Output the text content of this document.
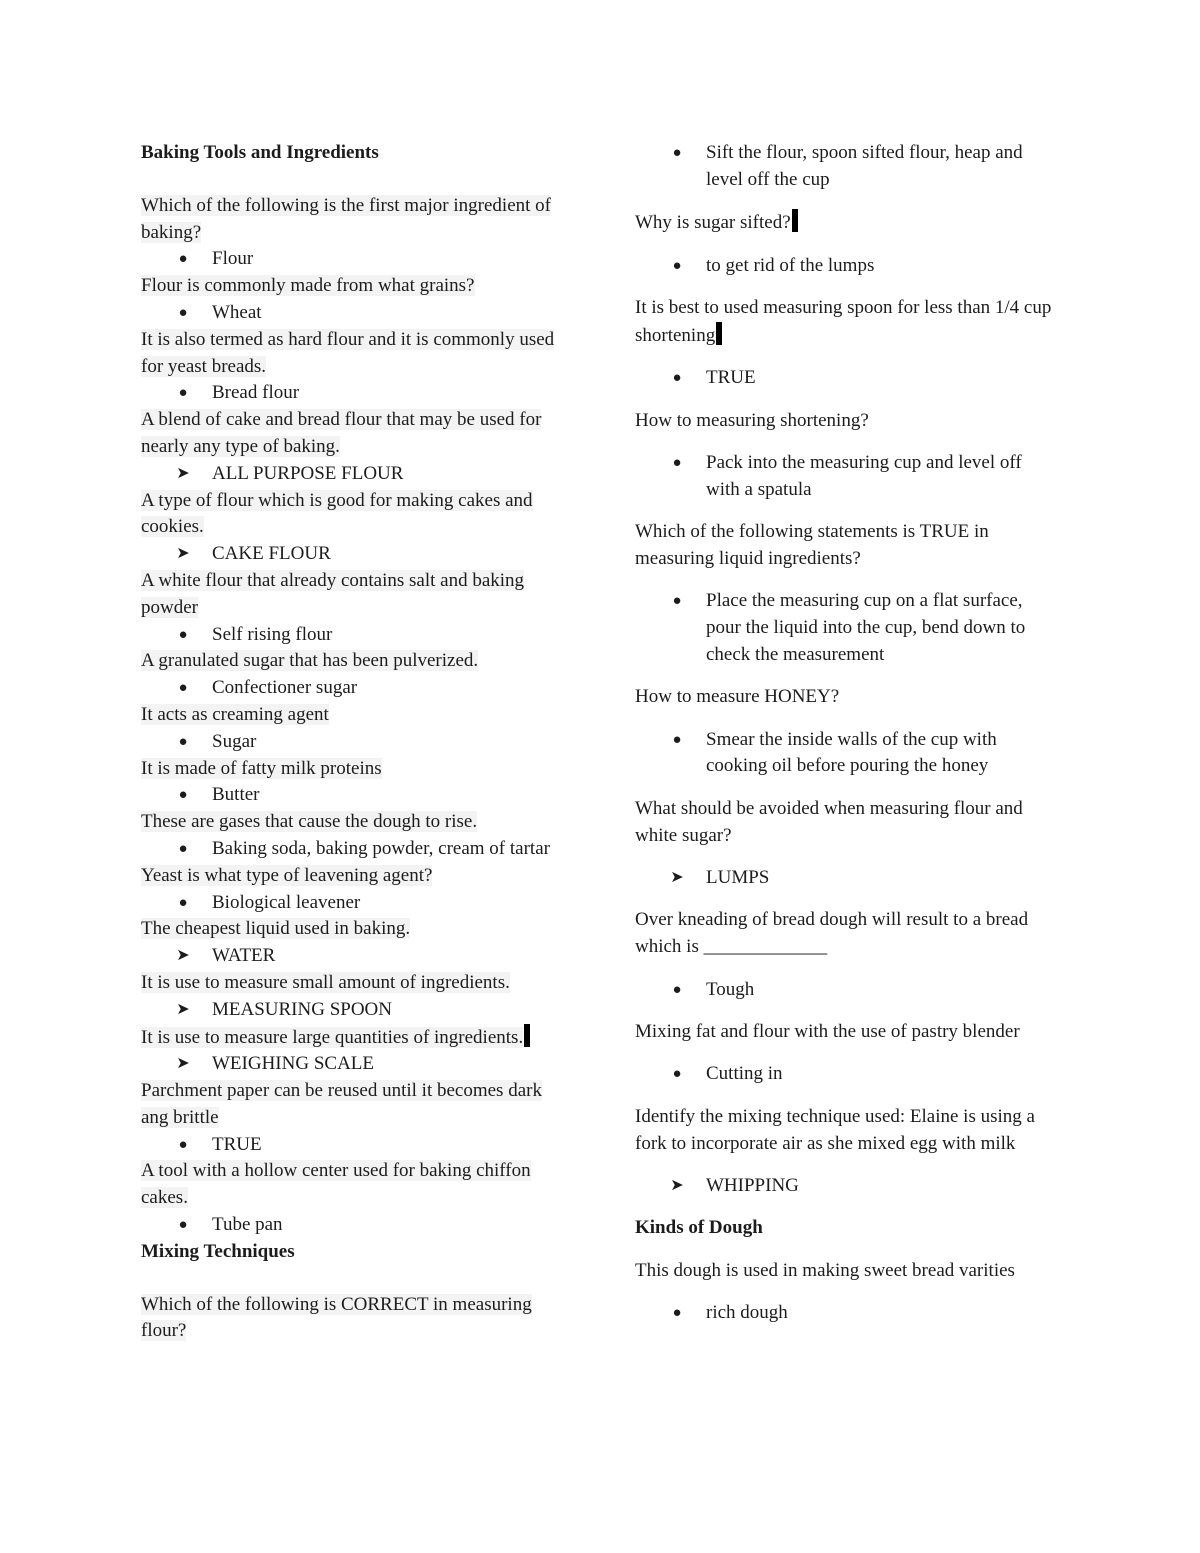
Baking Tools and Ingredients
Which of the following is the first major ingredient of baking?
● Flour
Flour is commonly made from what grains?
● Wheat
It is also termed as hard flour and it is commonly used for yeast breads.
● Bread flour
A blend of cake and bread flour that may be used for nearly any type of baking.
➤ ALL PURPOSE FLOUR
A type of flour which is good for making cakes and cookies.
➤ CAKE FLOUR
A white flour that already contains salt and baking powder
● Self rising flour
A granulated sugar that has been pulverized.
● Confectioner sugar
It acts as creaming agent
● Sugar
It is made of fatty milk proteins
● Butter
These are gases that cause the dough to rise.
● Baking soda, baking powder, cream of tartar
Yeast is what type of leavening agent?
● Biological leavener
The cheapest liquid used in baking.
➤ WATER
It is use to measure small amount of ingredients.
➤ MEASURING SPOON
It is use to measure large quantities of ingredients.
➤ WEIGHING SCALE
Parchment paper can be reused until it becomes dark ang brittle
● TRUE
A tool with a hollow center used for baking chiffon cakes.
● Tube pan
Mixing Techniques
Which of the following is CORRECT in measuring flour?
● Sift the flour, spoon sifted flour, heap and level off the cup
Why is sugar sifted?
● to get rid of the lumps
It is best to used measuring spoon for less than 1/4 cup shortening
● TRUE
How to measuring shortening?
● Pack into the measuring cup and level off with a spatula
Which of the following statements is TRUE in measuring liquid ingredients?
● Place the measuring cup on a flat surface, pour the liquid into the cup, bend down to check the measurement
How to measure HONEY?
● Smear the inside walls of the cup with cooking oil before pouring the honey
What should be avoided when measuring flour and white sugar?
➤ LUMPS
Over kneading of bread dough will result to a bread which is _____________
● Tough
Mixing fat and flour with the use of pastry blender
● Cutting in
Identify the mixing technique used: Elaine is using a fork to incorporate air as she mixed egg with milk
➤ WHIPPING
Kinds of Dough
This dough is used in making sweet bread varities
● rich dough
